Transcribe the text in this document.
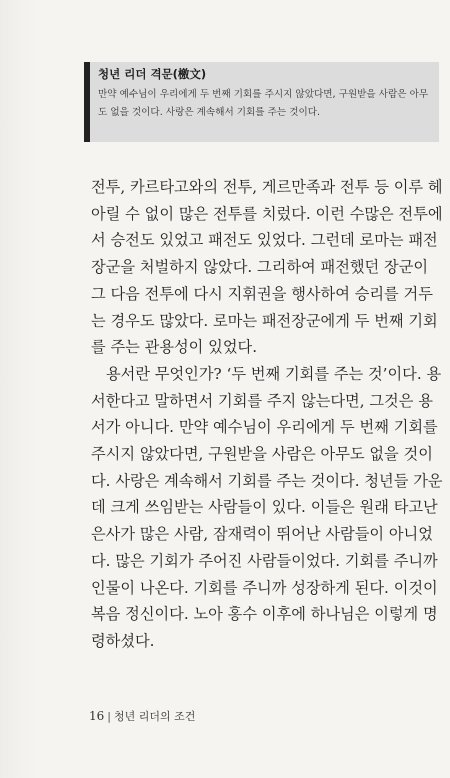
청년 리더 격문(檄文)
만약 예수님이 우리에게 두 번째 기회를 주시지 않았다면, 구원받을 사람은 아무도 없을 것이다. 사랑은 계속해서 기회를 주는 것이다.

전투, 카르타고와의 전투, 게르만족과 전투 등 이루 헤아릴 수 없이 많은 전투를 치렀다. 이런 수많은 전투에서 승전도 있었고 패전도 있었다. 그런데 로마는 패전장군을 처벌하지 않았다. 그리하여 패전했던 장군이 그 다음 전투에 다시 지휘권을 행사하여 승리를 거두는 경우도 많았다. 로마는 패전장군에게 두 번째 기회를 주는 관용성이 있었다.

용서란 무엇인가? ‘두 번째 기회를 주는 것’이다. 용서한다고 말하면서 기회를 주지 않는다면, 그것은 용서가 아니다. 만약 예수님이 우리에게 두 번째 기회를 주시지 않았다면, 구원받을 사람은 아무도 없을 것이다. 사랑은 계속해서 기회를 주는 것이다. 청년들 가운데 크게 쓰임받는 사람들이 있다. 이들은 원래 타고난 은사가 많은 사람, 잠재력이 뛰어난 사람들이 아니었다. 많은 기회가 주어진 사람들이었다. 기회를 주니까 인물이 나온다. 기회를 주니까 성장하게 된다. 이것이 복음 정신이다. 노아 홍수 이후에 하나님은 이렇게 명령하셨다.

16 | 청년 리더의 조건
